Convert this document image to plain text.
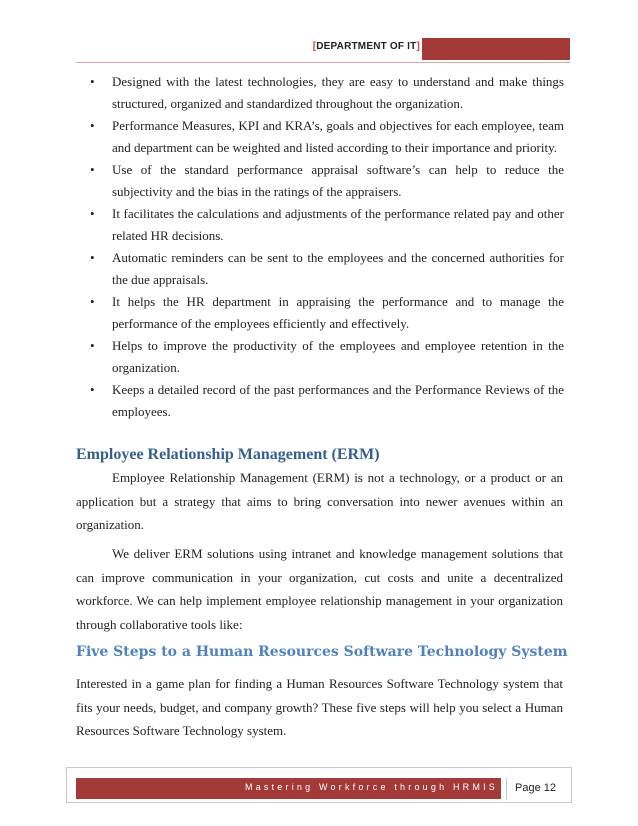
[DEPARTMENT OF IT]
• Designed with the latest technologies, they are easy to understand and make things structured, organized and standardized throughout the organization.
• Performance Measures, KPI and KRA’s, goals and objectives for each employee, team and department can be weighted and listed according to their importance and priority.
• Use of the standard performance appraisal software’s can help to reduce the subjectivity and the bias in the ratings of the appraisers.
• It facilitates the calculations and adjustments of the performance related pay and other related HR decisions.
• Automatic reminders can be sent to the employees and the concerned authorities for the due appraisals.
• It helps the HR department in appraising the performance and to manage the performance of the employees efficiently and effectively.
• Helps to improve the productivity of the employees and employee retention in the organization.
• Keeps a detailed record of the past performances and the Performance Reviews of the employees.
Employee Relationship Management (ERM)
Employee Relationship Management (ERM) is not a technology, or a product or an application but a strategy that aims to bring conversation into newer avenues within an organization.
We deliver ERM solutions using intranet and knowledge management solutions that can improve communication in your organization, cut costs and unite a decentralized workforce. We can help implement employee relationship management in your organization through collaborative tools like:
Five Steps to a Human Resources Software Technology System
Interested in a game plan for finding a Human Resources Software Technology system that fits your needs, budget, and company growth? These five steps will help you select a Human Resources Software Technology system.
Mastering Workforce through HRMIS Page 12
